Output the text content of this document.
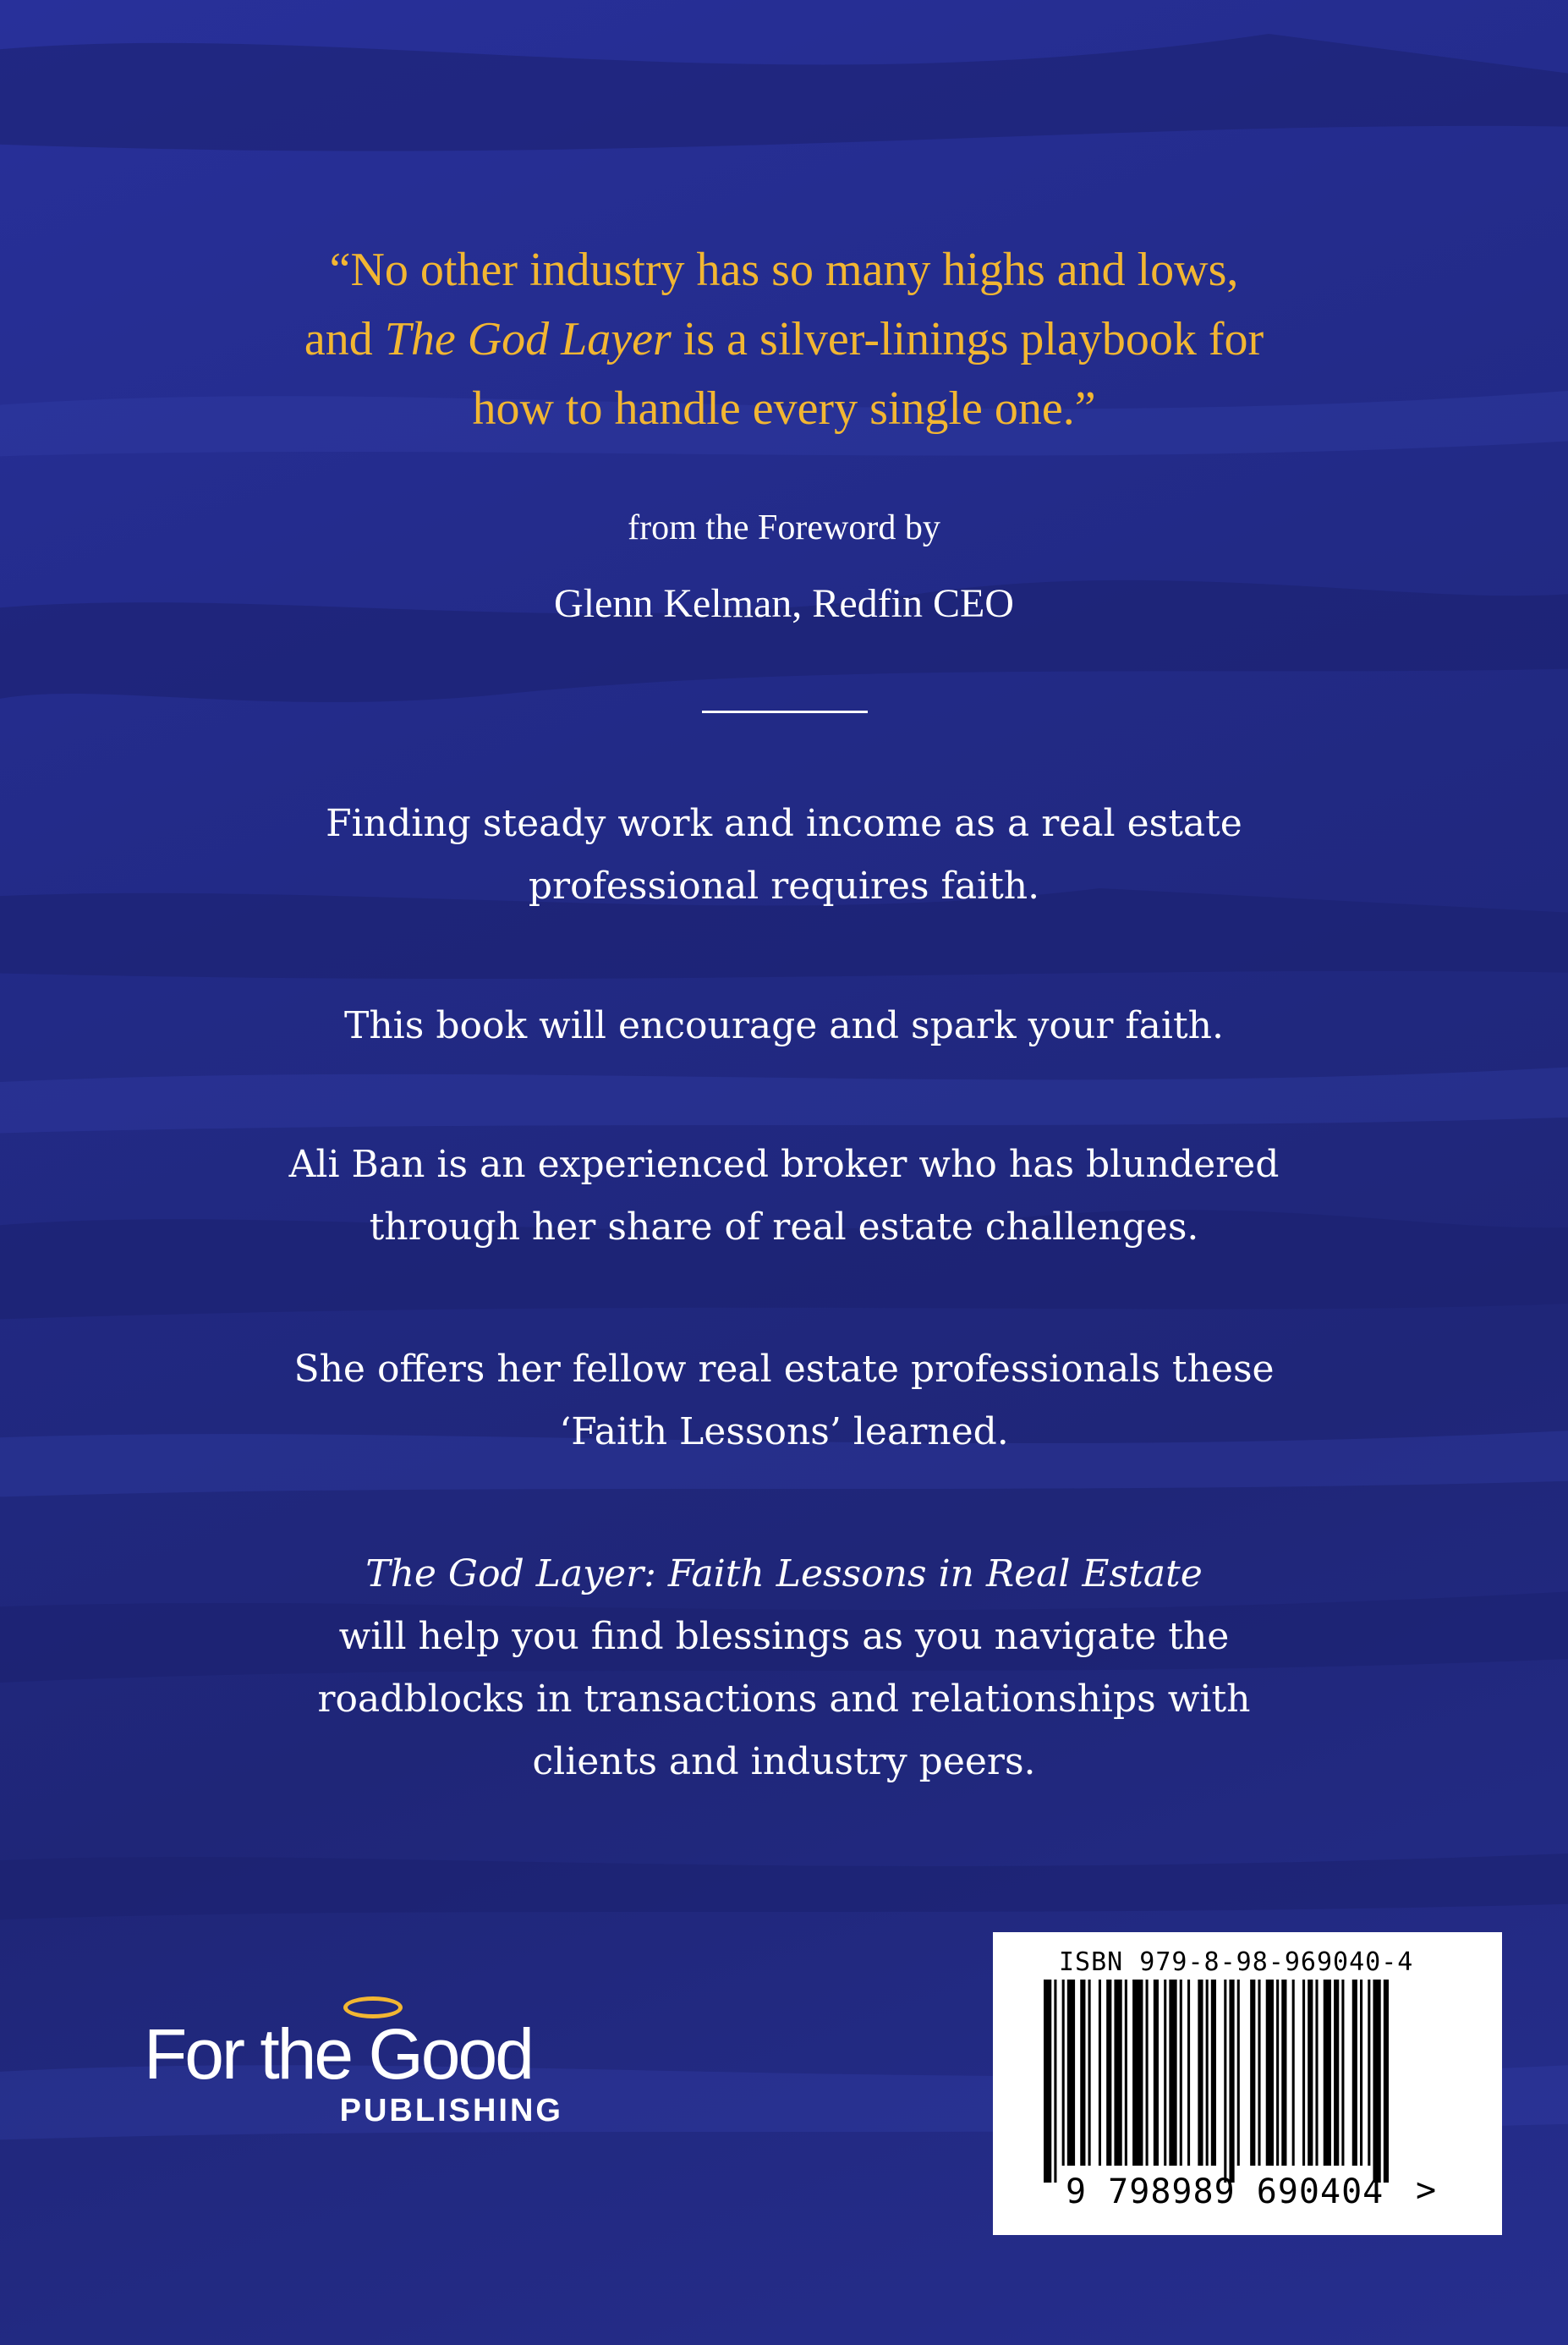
“No other industry has so many highs and lows,
and The God Layer is a silver-linings playbook for
how to handle every single one.”
from the Foreword by
Glenn Kelman, Redfin CEO
Finding steady work and income as a real estate
professional requires faith.
This book will encourage and spark your faith.
Ali Ban is an experienced broker who has blundered
through her share of real estate challenges.
She offers her fellow real estate professionals these
‘Faith Lessons’ learned.
The God Layer: Faith Lessons in Real Estate
will help you find blessings as you navigate the
roadblocks in transactions and relationships with
clients and industry peers.
For the Good
PUBLISHING
ISBN 979-8-98-969040-4
9 798989 690404 >
